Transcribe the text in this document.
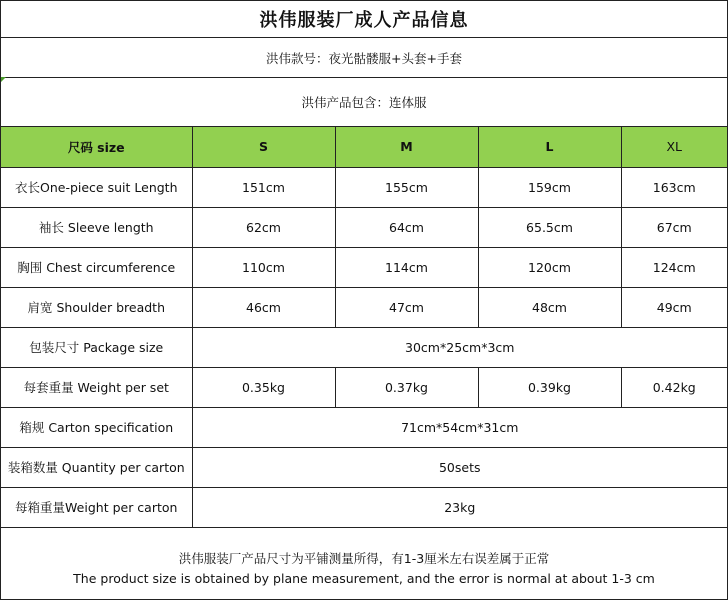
洪伟服装厂成人产品信息
洪伟款号：夜光骷髅服+头套+手套
洪伟产品包含：连体服
尺码 size	S	M	L	XL
衣长One-piece suit Length	151cm	155cm	159cm	163cm
袖长 Sleeve length	62cm	64cm	65.5cm	67cm
胸围 Chest circumference	110cm	114cm	120cm	124cm
肩宽 Shoulder breadth	46cm	47cm	48cm	49cm
包装尺寸 Package size	30cm*25cm*3cm			
每套重量 Weight per set	0.35kg	0.37kg	0.39kg	0.42kg
箱规 Carton specification	71cm*54cm*31cm			
装箱数量 Quantity per carton	50sets			
每箱重量Weight per carton	23kg			
洪伟服装厂产品尺寸为平铺测量所得，有1-3厘米左右误差属于正常
The product size is obtained by plane measurement, and the error is normal at about 1-3 cm
